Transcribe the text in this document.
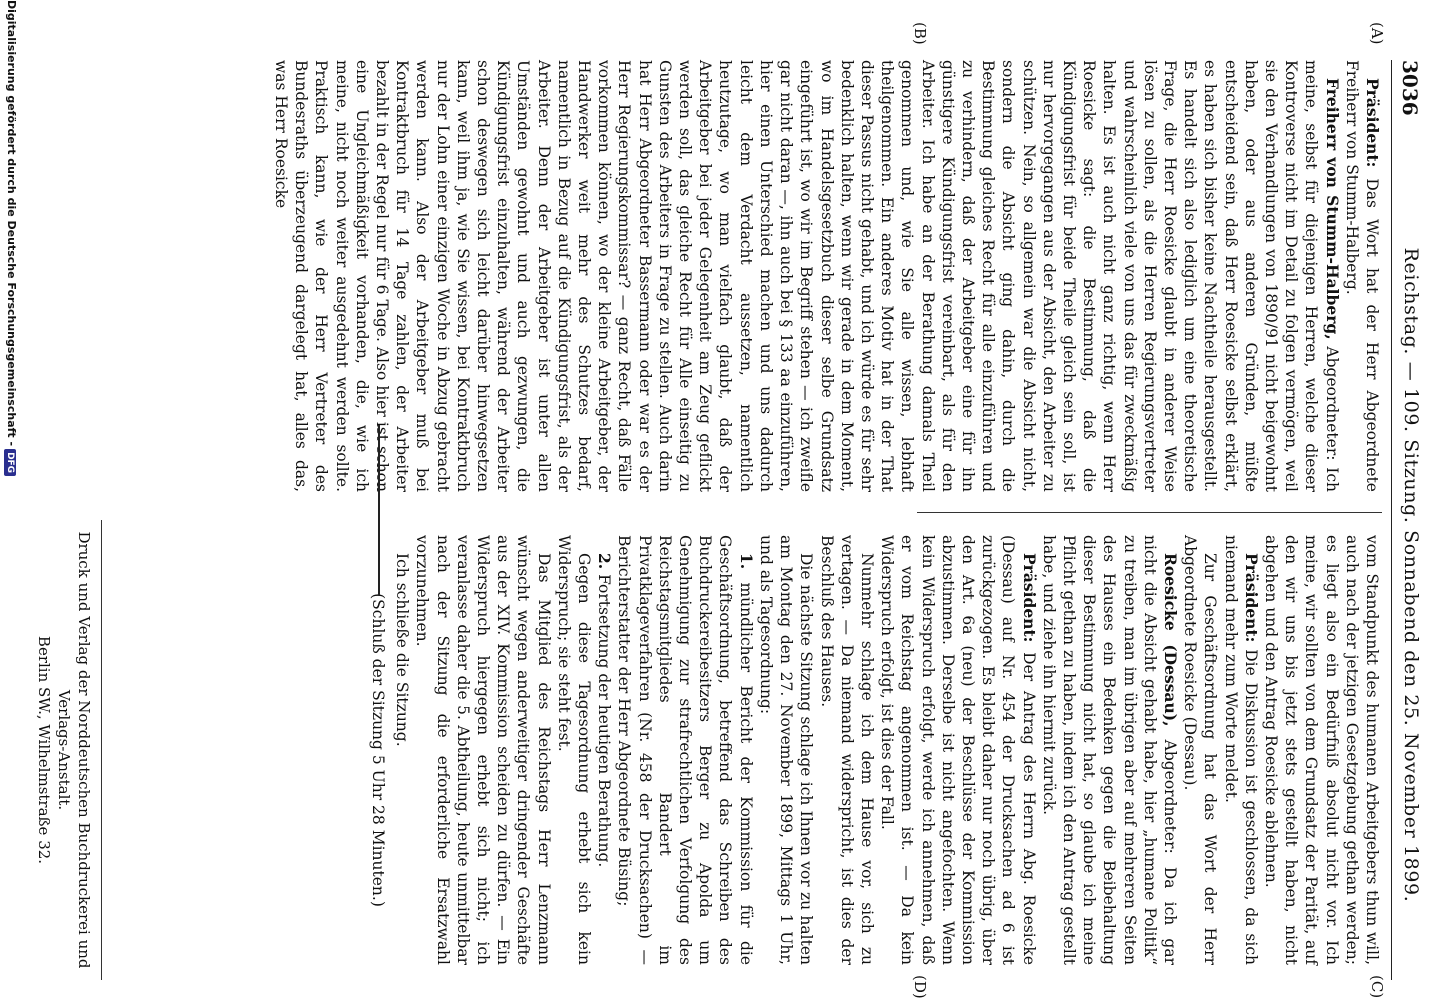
3036
Reichstag. — 109. Sitzung. Sonnabend den 25. November 1899.
(A)
(B)
(C)
(D)

Präsident: Das Wort hat der Herr Abgeordnete Freiherr von Stumm-Halberg.

Freiherr von Stumm-Halberg, Abgeordneter: Ich meine, selbst für diejenigen Herren, welche dieser Kontroverse nicht im Detail zu folgen vermögen, weil sie den Verhandlungen von 1890/91 nicht beigewohnt haben, oder aus anderen Gründen, müßte entscheidend sein, daß Herr Roesicke selbst erklärt, es haben sich bisher keine Nachtheile herausgestellt. Es handelt sich also lediglich um eine theoretische Frage, die Herr Roesicke glaubt in anderer Weise lösen zu sollen, als die Herren Regierungsvertreter und wahrscheinlich viele von uns das für zweckmäßig halten. Es ist auch nicht ganz richtig, wenn Herr Roesicke sagt: die Bestimmung, daß die Kündigungsfrist für beide Theile gleich sein soll, ist nur hervorgegangen aus der Absicht, den Arbeiter zu schützen. Nein, so allgemein war die Absicht nicht, sondern die Absicht ging dahin, durch die Bestimmung gleiches Recht für alle einzuführen und zu verhindern, daß der Arbeitgeber eine für ihn günstigere Kündigungsfrist vereinbart, als für den Arbeiter. Ich habe an der Berathung damals Theil genommen und, wie Sie alle wissen, lebhaft theilgenommen. Ein anderes Motiv hat in der That dieser Passus nicht gehabt, und ich würde es für sehr bedenklich halten, wenn wir gerade in dem Moment, wo im Handelsgesetzbuch dieser selbe Grundsatz eingeführt ist, wo wir im Begriff stehen — ich zweifle gar nicht daran —, ihn auch bei § 133 aa einzuführen, hier einen Unterschied machen und uns dadurch leicht dem Verdacht aussetzen, namentlich heutzutage, wo man vielfach glaubt, daß der Arbeitgeber bei jeder Gelegenheit am Zeug geflickt werden soll, das gleiche Recht für Alle einseitig zu Gunsten des Arbeiters in Frage zu stellen. Auch darin hat Herr Abgeordneter Bassermann oder war es der Herr Regierungskommissar? — ganz Recht, daß Fälle vorkommen können, wo der kleine Arbeitgeber, der Handwerker weit mehr des Schutzes bedarf, namentlich in Bezug auf die Kündigungsfrist, als der Arbeiter. Denn der Arbeitgeber ist unter allen Umständen gewohnt und auch gezwungen, die Kündigungsfrist einzuhalten, während der Arbeiter schon deswegen sich leicht darüber hinwegsetzen kann, weil ihm ja, wie Sie wissen, bei Kontraktbruch nur der Lohn einer einzigen Woche in Abzug gebracht werden kann. Also der Arbeitgeber muß bei Kontraktbruch für 14 Tage zahlen, der Arbeiter bezahlt in der Regel nur für 6 Tage. Also hier ist schon eine Ungleichmäßigkeit vorhanden, die, wie ich meine, nicht noch weiter ausgedehnt werden sollte. Praktisch kann, wie der Herr Vertreter des Bundesraths überzeugend dargelegt hat, alles das, was Herr Roesicke

vom Standpunkt des humanen Arbeitgebers thun will, auch nach der jetzigen Gesetzgebung gethan werden; es liegt also ein Bedürfniß absolut nicht vor. Ich meine, wir sollten von dem Grundsatz der Parität, auf den wir uns bis jetzt stets gestellt haben, nicht abgehen und den Antrag Roesicke ablehnen.

Präsident: Die Diskussion ist geschlossen, da sich niemand mehr zum Worte meldet.

Zur Geschäftsordnung hat das Wort der Herr Abgeordnete Roesicke (Dessau).

Roesicke (Dessau), Abgeordneter: Da ich gar nicht die Absicht gehabt habe, hier „humane Politik“ zu treiben, man im übrigen aber auf mehreren Seiten des Hauses ein Bedenken gegen die Beibehaltung dieser Bestimmung nicht hat, so glaube ich meine Pflicht gethan zu haben, indem ich den Antrag gestellt habe, und ziehe ihn hiermit zurück.

Präsident: Der Antrag des Herrn Abg. Roesicke (Dessau) auf Nr. 454 der Drucksachen ad 6 ist zurückgezogen. Es bleibt daher nur noch übrig, über den Art. 6a (neu) der Beschlüsse der Kommission abzustimmen. Derselbe ist nicht angefochten. Wenn kein Widerspruch erfolgt, werde ich annehmen, daß er vom Reichstag angenommen ist. — Da kein Widerspruch erfolgt, ist dies der Fall.

Nunmehr schlage ich dem Hause vor, sich zu vertagen. — Da niemand widerspricht, ist dies der Beschluß des Hauses.

Die nächste Sitzung schlage ich Ihnen vor zu halten am Montag den 27. November 1899, Mittags 1 Uhr, und als Tagesordnung:

1. mündlicher Bericht der Kommission für die Geschäftsordnung, betreffend das Schreiben des Buchdruckereibesitzers Berger zu Apolda um Genehmigung zur strafrechtlichen Verfolgung des Reichstagsmitgliedes Bandert im Privatklageverfahren (Nr. 458 der Drucksachen) — Berichterstatter der Herr Abgeordnete Büsing;

2. Fortsetzung der heutigen Berathung.

Gegen diese Tagesordnung erhebt sich kein Widerspruch; sie steht fest.

Das Mitglied des Reichstags Herr Lenzmann wünscht wegen anderweitiger dringender Geschäfte aus der XIV. Kommission scheiden zu dürfen. — Ein Widerspruch hiergegen erhebt sich nicht; ich veranlasse daher die 5. Abtheilung, heute unmittelbar nach der Sitzung die erforderliche Ersatzwahl vorzunehmen.

Ich schließe die Sitzung.

(Schluß der Sitzung 5 Uhr 28 Minuten.)
Druck und Verlag der Norddeutschen Buchdruckerei und Verlags-Anstalt.
Berlin SW., Wilhelmstraße 32.
Digitalisierung gefördert durch die Deutsche Forschungsgemeinschaft -DFG
